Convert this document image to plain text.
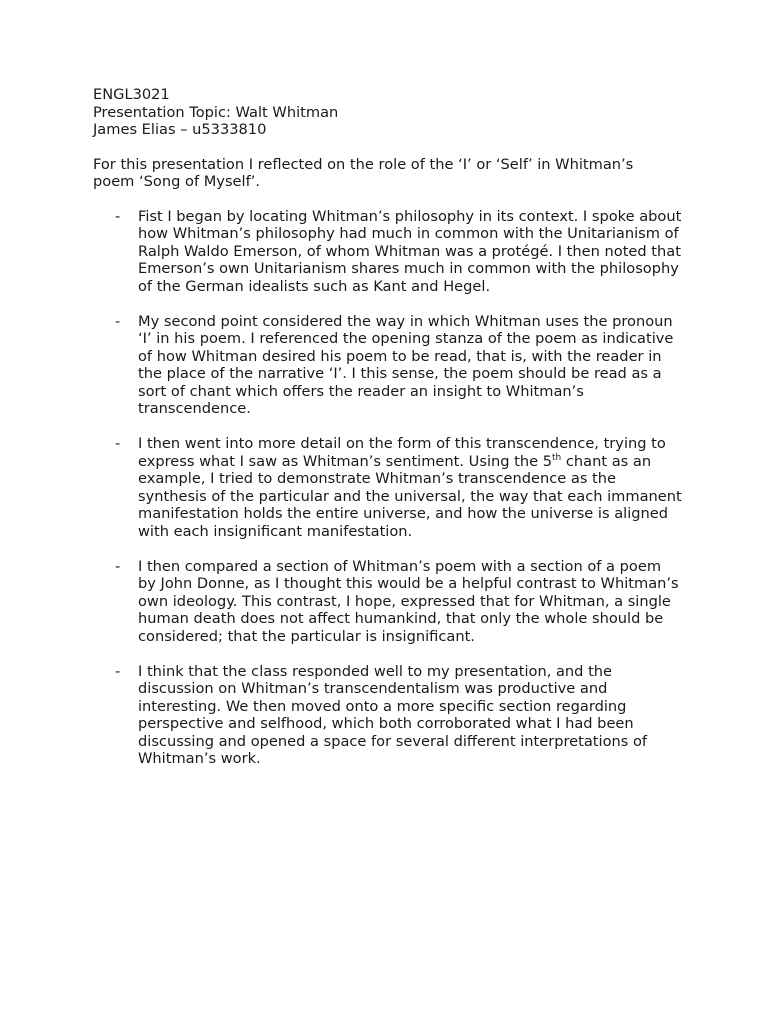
ENGL3021

Presentation Topic: Walt Whitman

James Elias – u5333810

For this presentation I reflected on the role of the ‘I’ or ‘Self’ in Whitman’s poem ‘Song of Myself’.

- Fist I began by locating Whitman’s philosophy in its context. I spoke about how Whitman’s philosophy had much in common with the Unitarianism of Ralph Waldo Emerson, of whom Whitman was a protégé. I then noted that Emerson’s own Unitarianism shares much in common with the philosophy of the German idealists such as Kant and Hegel.
- My second point considered the way in which Whitman uses the pronoun ‘I’ in his poem. I referenced the opening stanza of the poem as indicative of how Whitman desired his poem to be read, that is, with the reader in the place of the narrative ‘I’. I this sense, the poem should be read as a sort of chant which offers the reader an insight to Whitman’s transcendence.
- I then went into more detail on the form of this transcendence, trying to express what I saw as Whitman’s sentiment. Using the 5th chant as an example, I tried to demonstrate Whitman’s transcendence as the synthesis of the particular and the universal, the way that each immanent manifestation holds the entire universe, and how the universe is aligned with each insignificant manifestation.
- I then compared a section of Whitman’s poem with a section of a poem by John Donne, as I thought this would be a helpful contrast to Whitman’s own ideology. This contrast, I hope, expressed that for Whitman, a single human death does not affect humankind, that only the whole should be considered; that the particular is insignificant.
- I think that the class responded well to my presentation, and the discussion on Whitman’s transcendentalism was productive and interesting. We then moved onto a more specific section regarding perspective and selfhood, which both corroborated what I had been discussing and opened a space for several different interpretations of Whitman’s work.
